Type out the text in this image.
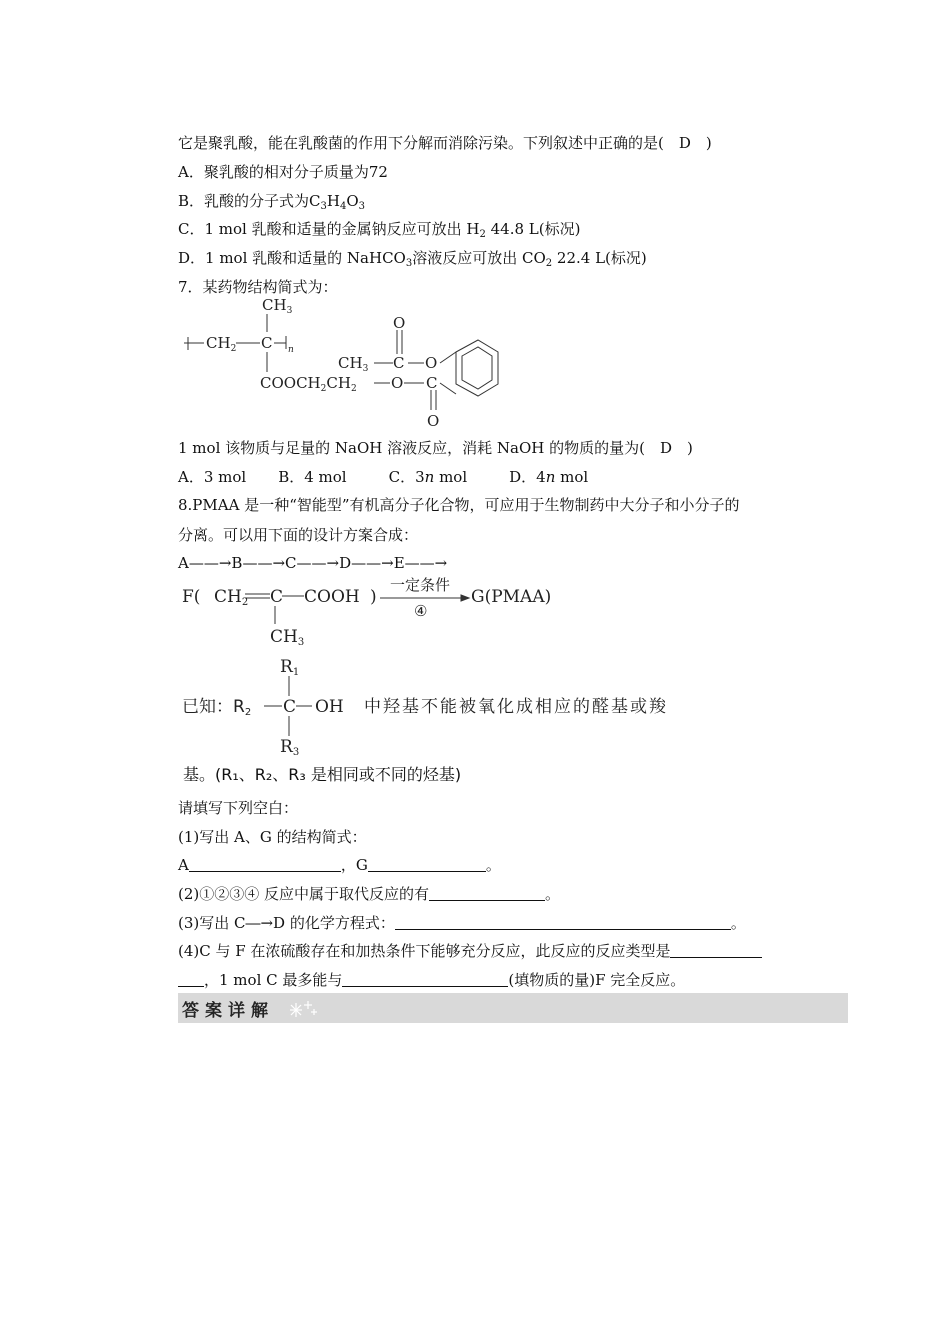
它是聚乳酸，能在乳酸菌的作用下分解而消除污染。下列叙述中正确的是(　D　)
A．聚乳酸的相对分子质量为72
B．乳酸的分子式为$C_3H_4O_3$
C．1 mol 乳酸和适量的金属钠反应可放出 $H_2$ 44.8 L(标况)
D．1 mol 乳酸和适量的 NaHCO$_3$溶液反应可放出 $CO_2$ 22.4 L(标况)
7．某药物结构简式为：
$CH_3$
$CH_2$ C n
$COOCH_2CH_2$ O
$CH_3$ C O
C
O
O
1 mol 该物质与足量的 NaOH 溶液反应，消耗 NaOH 的物质的量为(　D　)
A．3 mol B．4 mol	C．3n mol	D．4n mol
8.PMAA 是一种“智能型”有机高分子化合物，可应用于生物制药中大分子和小分子的
分离。可以用下面的设计方案合成：
A——→B——→C——→D——→E——→
F( CH2 C COOH )
CH3
一定条件
④
G(PMAA)
R1
已知：R2 C OH 中羟基不能被氧化成相应的醛基或羧
R3
基。(R₁、R₂、R₃ 是相同或不同的烃基)
请填写下列空白：
(1)写出 A、G 的结构简式：
A	，G	。
(2)①②③④ 反应中属于取代反应的有	。
(3)写出 C―→D 的化学方程式：	。
(4)C 与 F 在浓硫酸存在和加热条件下能够充分反应，此反应的反应类型是
，1 mol C 最多能与	(填物质的量)F 完全反应。
答案详解
